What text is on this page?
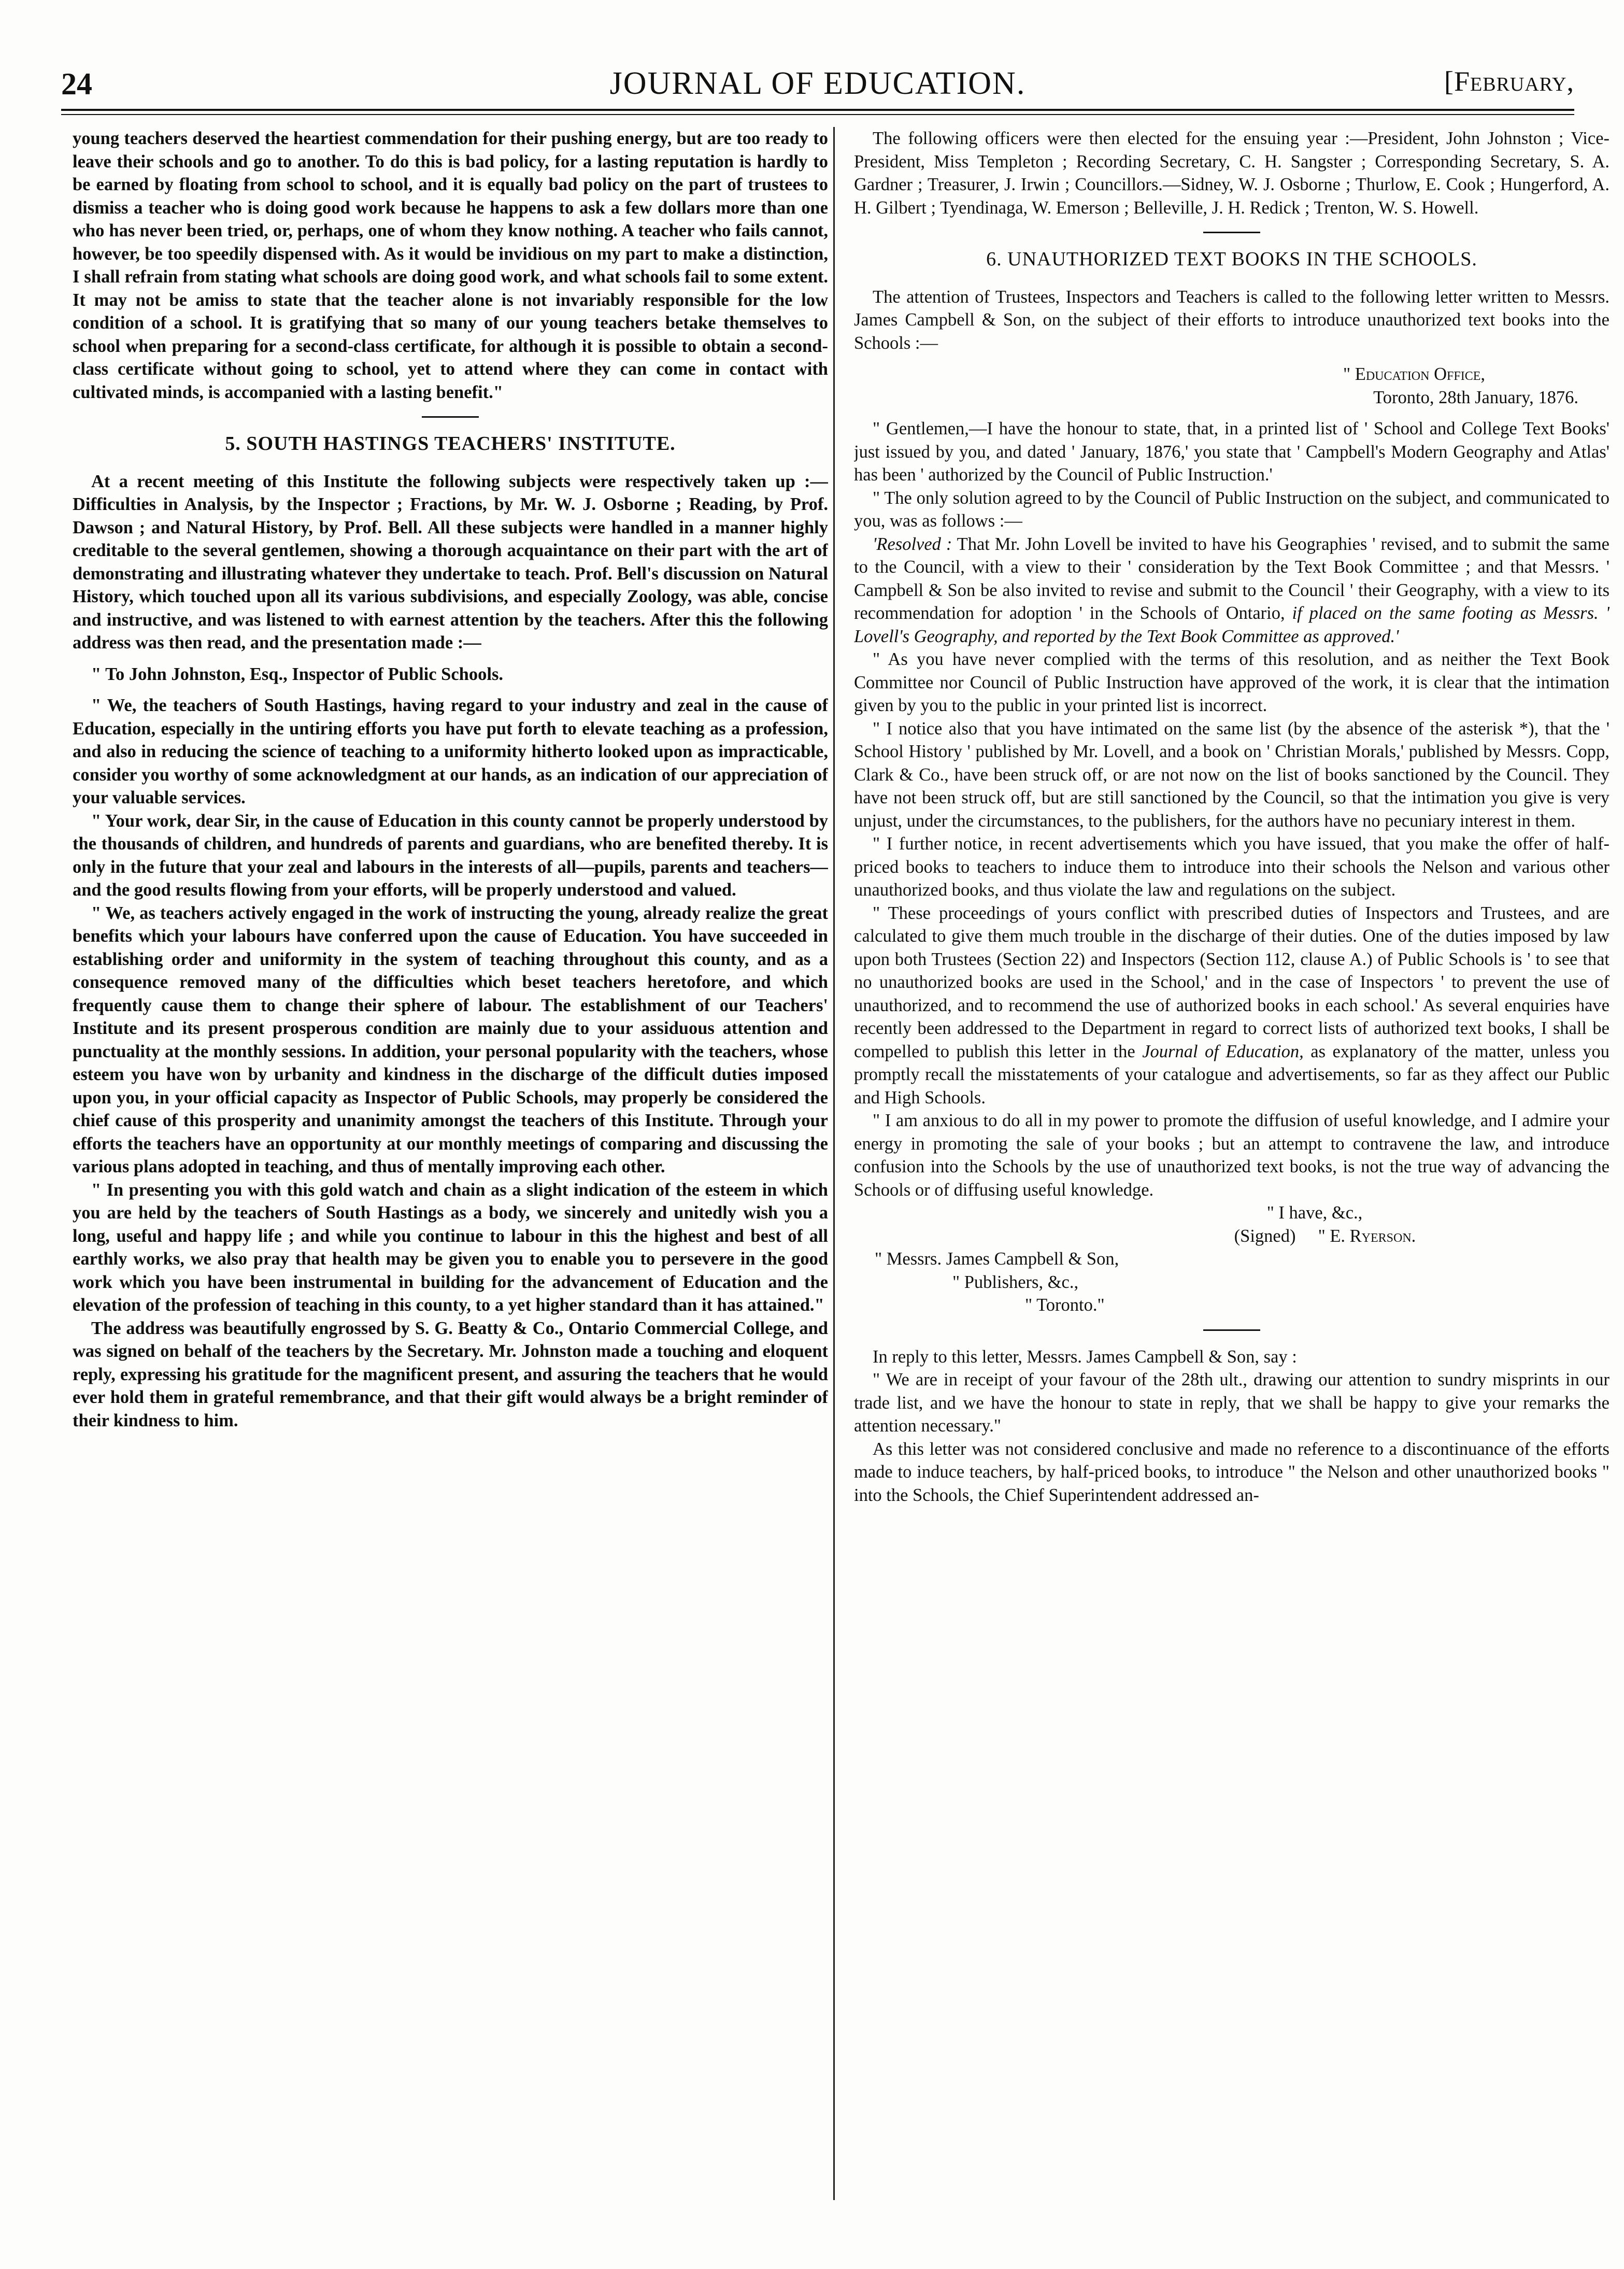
24	JOURNAL OF EDUCATION.	[February,

young teachers deserved the heartiest commendation for their pushing energy, but are too ready to leave their schools and go to another. To do this is bad policy, for a lasting reputation is hardly to be earned by floating from school to school, and it is equally bad policy on the part of trustees to dismiss a teacher who is doing good work because he happens to ask a few dollars more than one who has never been tried, or, perhaps, one of whom they know nothing. A teacher who fails cannot, however, be too speedily dispensed with. As it would be invidious on my part to make a distinction, I shall refrain from stating what schools are doing good work, and what schools fail to some extent. It may not be amiss to state that the teacher alone is not invariably responsible for the low condition of a school. It is gratifying that so many of our young teachers betake themselves to school when preparing for a second-class certificate, for although it is possible to obtain a second-class certificate without going to school, yet to attend where they can come in contact with cultivated minds, is accompanied with a lasting benefit."

5. SOUTH HASTINGS TEACHERS' INSTITUTE.

At a recent meeting of this Institute the following subjects were respectively taken up :—Difficulties in Analysis, by the Inspector ; Fractions, by Mr. W. J. Osborne ; Reading, by Prof. Dawson ; and Natural History, by Prof. Bell. All these subjects were handled in a manner highly creditable to the several gentlemen, showing a thorough acquaintance on their part with the art of demonstrating and illustrating whatever they undertake to teach. Prof. Bell's discussion on Natural History, which touched upon all its various subdivisions, and especially Zoology, was able, concise and instructive, and was listened to with earnest attention by the teachers. After this the following address was then read, and the presentation made :—

" To John Johnston, Esq., Inspector of Public Schools.

" We, the teachers of South Hastings, having regard to your industry and zeal in the cause of Education, especially in the untiring efforts you have put forth to elevate teaching as a profession, and also in reducing the science of teaching to a uniformity hitherto looked upon as impracticable, consider you worthy of some acknowledgment at our hands, as an indication of our appreciation of your valuable services.

" Your work, dear Sir, in the cause of Education in this county cannot be properly understood by the thousands of children, and hundreds of parents and guardians, who are benefited thereby. It is only in the future that your zeal and labours in the interests of all—pupils, parents and teachers—and the good results flowing from your efforts, will be properly understood and valued.

" We, as teachers actively engaged in the work of instructing the young, already realize the great benefits which your labours have conferred upon the cause of Education. You have succeeded in establishing order and uniformity in the system of teaching throughout this county, and as a consequence removed many of the difficulties which beset teachers heretofore, and which frequently cause them to change their sphere of labour. The establishment of our Teachers' Institute and its present prosperous condition are mainly due to your assiduous attention and punctuality at the monthly sessions. In addition, your personal popularity with the teachers, whose esteem you have won by urbanity and kindness in the discharge of the difficult duties imposed upon you, in your official capacity as Inspector of Public Schools, may properly be considered the chief cause of this prosperity and unanimity amongst the teachers of this Institute. Through your efforts the teachers have an opportunity at our monthly meetings of comparing and discussing the various plans adopted in teaching, and thus of mentally improving each other.

" In presenting you with this gold watch and chain as a slight indication of the esteem in which you are held by the teachers of South Hastings as a body, we sincerely and unitedly wish you a long, useful and happy life ; and while you continue to labour in this the highest and best of all earthly works, we also pray that health may be given you to enable you to persevere in the good work which you have been instrumental in building for the advancement of Education and the elevation of the profession of teaching in this county, to a yet higher standard than it has attained."

The address was beautifully engrossed by S. G. Beatty & Co., Ontario Commercial College, and was signed on behalf of the teachers by the Secretary. Mr. Johnston made a touching and eloquent reply, expressing his gratitude for the magnificent present, and assuring the teachers that he would ever hold them in grateful remembrance, and that their gift would always be a bright reminder of their kindness to him.

The following officers were then elected for the ensuing year :—President, John Johnston ; Vice-President, Miss Templeton ; Recording Secretary, C. H. Sangster ; Corresponding Secretary, S. A. Gardner ; Treasurer, J. Irwin ; Councillors.—Sidney, W. J. Osborne ; Thurlow, E. Cook ; Hungerford, A. H. Gilbert ; Tyendinaga, W. Emerson ; Belleville, J. H. Redick ; Trenton, W. S. Howell.

6. UNAUTHORIZED TEXT BOOKS IN THE SCHOOLS.

The attention of Trustees, Inspectors and Teachers is called to the following letter written to Messrs. James Campbell & Son, on the subject of their efforts to introduce unauthorized text books into the Schools :—

" Education Office,
Toronto, 28th January, 1876.

" Gentlemen,—I have the honour to state, that, in a printed list of ' School and College Text Books' just issued by you, and dated ' January, 1876,' you state that ' Campbell's Modern Geography and Atlas' has been ' authorized by the Council of Public Instruction.'

" The only solution agreed to by the Council of Public Instruction on the subject, and communicated to you, was as follows :—

'Resolved : That Mr. John Lovell be invited to have his Geographies ' revised, and to submit the same to the Council, with a view to their ' consideration by the Text Book Committee ; and that Messrs. ' Campbell & Son be also invited to revise and submit to the Council ' their Geography, with a view to its recommendation for adoption ' in the Schools of Ontario, if placed on the same footing as Messrs. ' Lovell's Geography, and reported by the Text Book Committee as approved.'

" As you have never complied with the terms of this resolution, and as neither the Text Book Committee nor Council of Public Instruction have approved of the work, it is clear that the intimation given by you to the public in your printed list is incorrect.

" I notice also that you have intimated on the same list (by the absence of the asterisk *), that the ' School History ' published by Mr. Lovell, and a book on ' Christian Morals,' published by Messrs. Copp, Clark & Co., have been struck off, or are not now on the list of books sanctioned by the Council. They have not been struck off, but are still sanctioned by the Council, so that the intimation you give is very unjust, under the circumstances, to the publishers, for the authors have no pecuniary interest in them.

" I further notice, in recent advertisements which you have issued, that you make the offer of half-priced books to teachers to induce them to introduce into their schools the Nelson and various other unauthorized books, and thus violate the law and regulations on the subject.

" These proceedings of yours conflict with prescribed duties of Inspectors and Trustees, and are calculated to give them much trouble in the discharge of their duties. One of the duties imposed by law upon both Trustees (Section 22) and Inspectors (Section 112, clause A.) of Public Schools is ' to see that no unauthorized books are used in the School,' and in the case of Inspectors ' to prevent the use of unauthorized, and to recommend the use of authorized books in each school.' As several enquiries have recently been addressed to the Department in regard to correct lists of authorized text books, I shall be compelled to publish this letter in the Journal of Education, as explanatory of the matter, unless you promptly recall the misstatements of your catalogue and advertisements, so far as they affect our Public and High Schools.

" I am anxious to do all in my power to promote the diffusion of useful knowledge, and I admire your energy in promoting the sale of your books ; but an attempt to contravene the law, and introduce confusion into the Schools by the use of unauthorized text books, is not the true way of advancing the Schools or of diffusing useful knowledge.

" I have, &c.,
(Signed) " E. Ryerson.
" Messrs. James Campbell & Son,
" Publishers, &c.,
" Toronto."

In reply to this letter, Messrs. James Campbell & Son, say :

" We are in receipt of your favour of the 28th ult., drawing our attention to sundry misprints in our trade list, and we have the honour to state in reply, that we shall be happy to give your remarks the attention necessary."

As this letter was not considered conclusive and made no reference to a discontinuance of the efforts made to induce teachers, by half-priced books, to introduce " the Nelson and other unauthorized books " into the Schools, the Chief Superintendent addressed an-
